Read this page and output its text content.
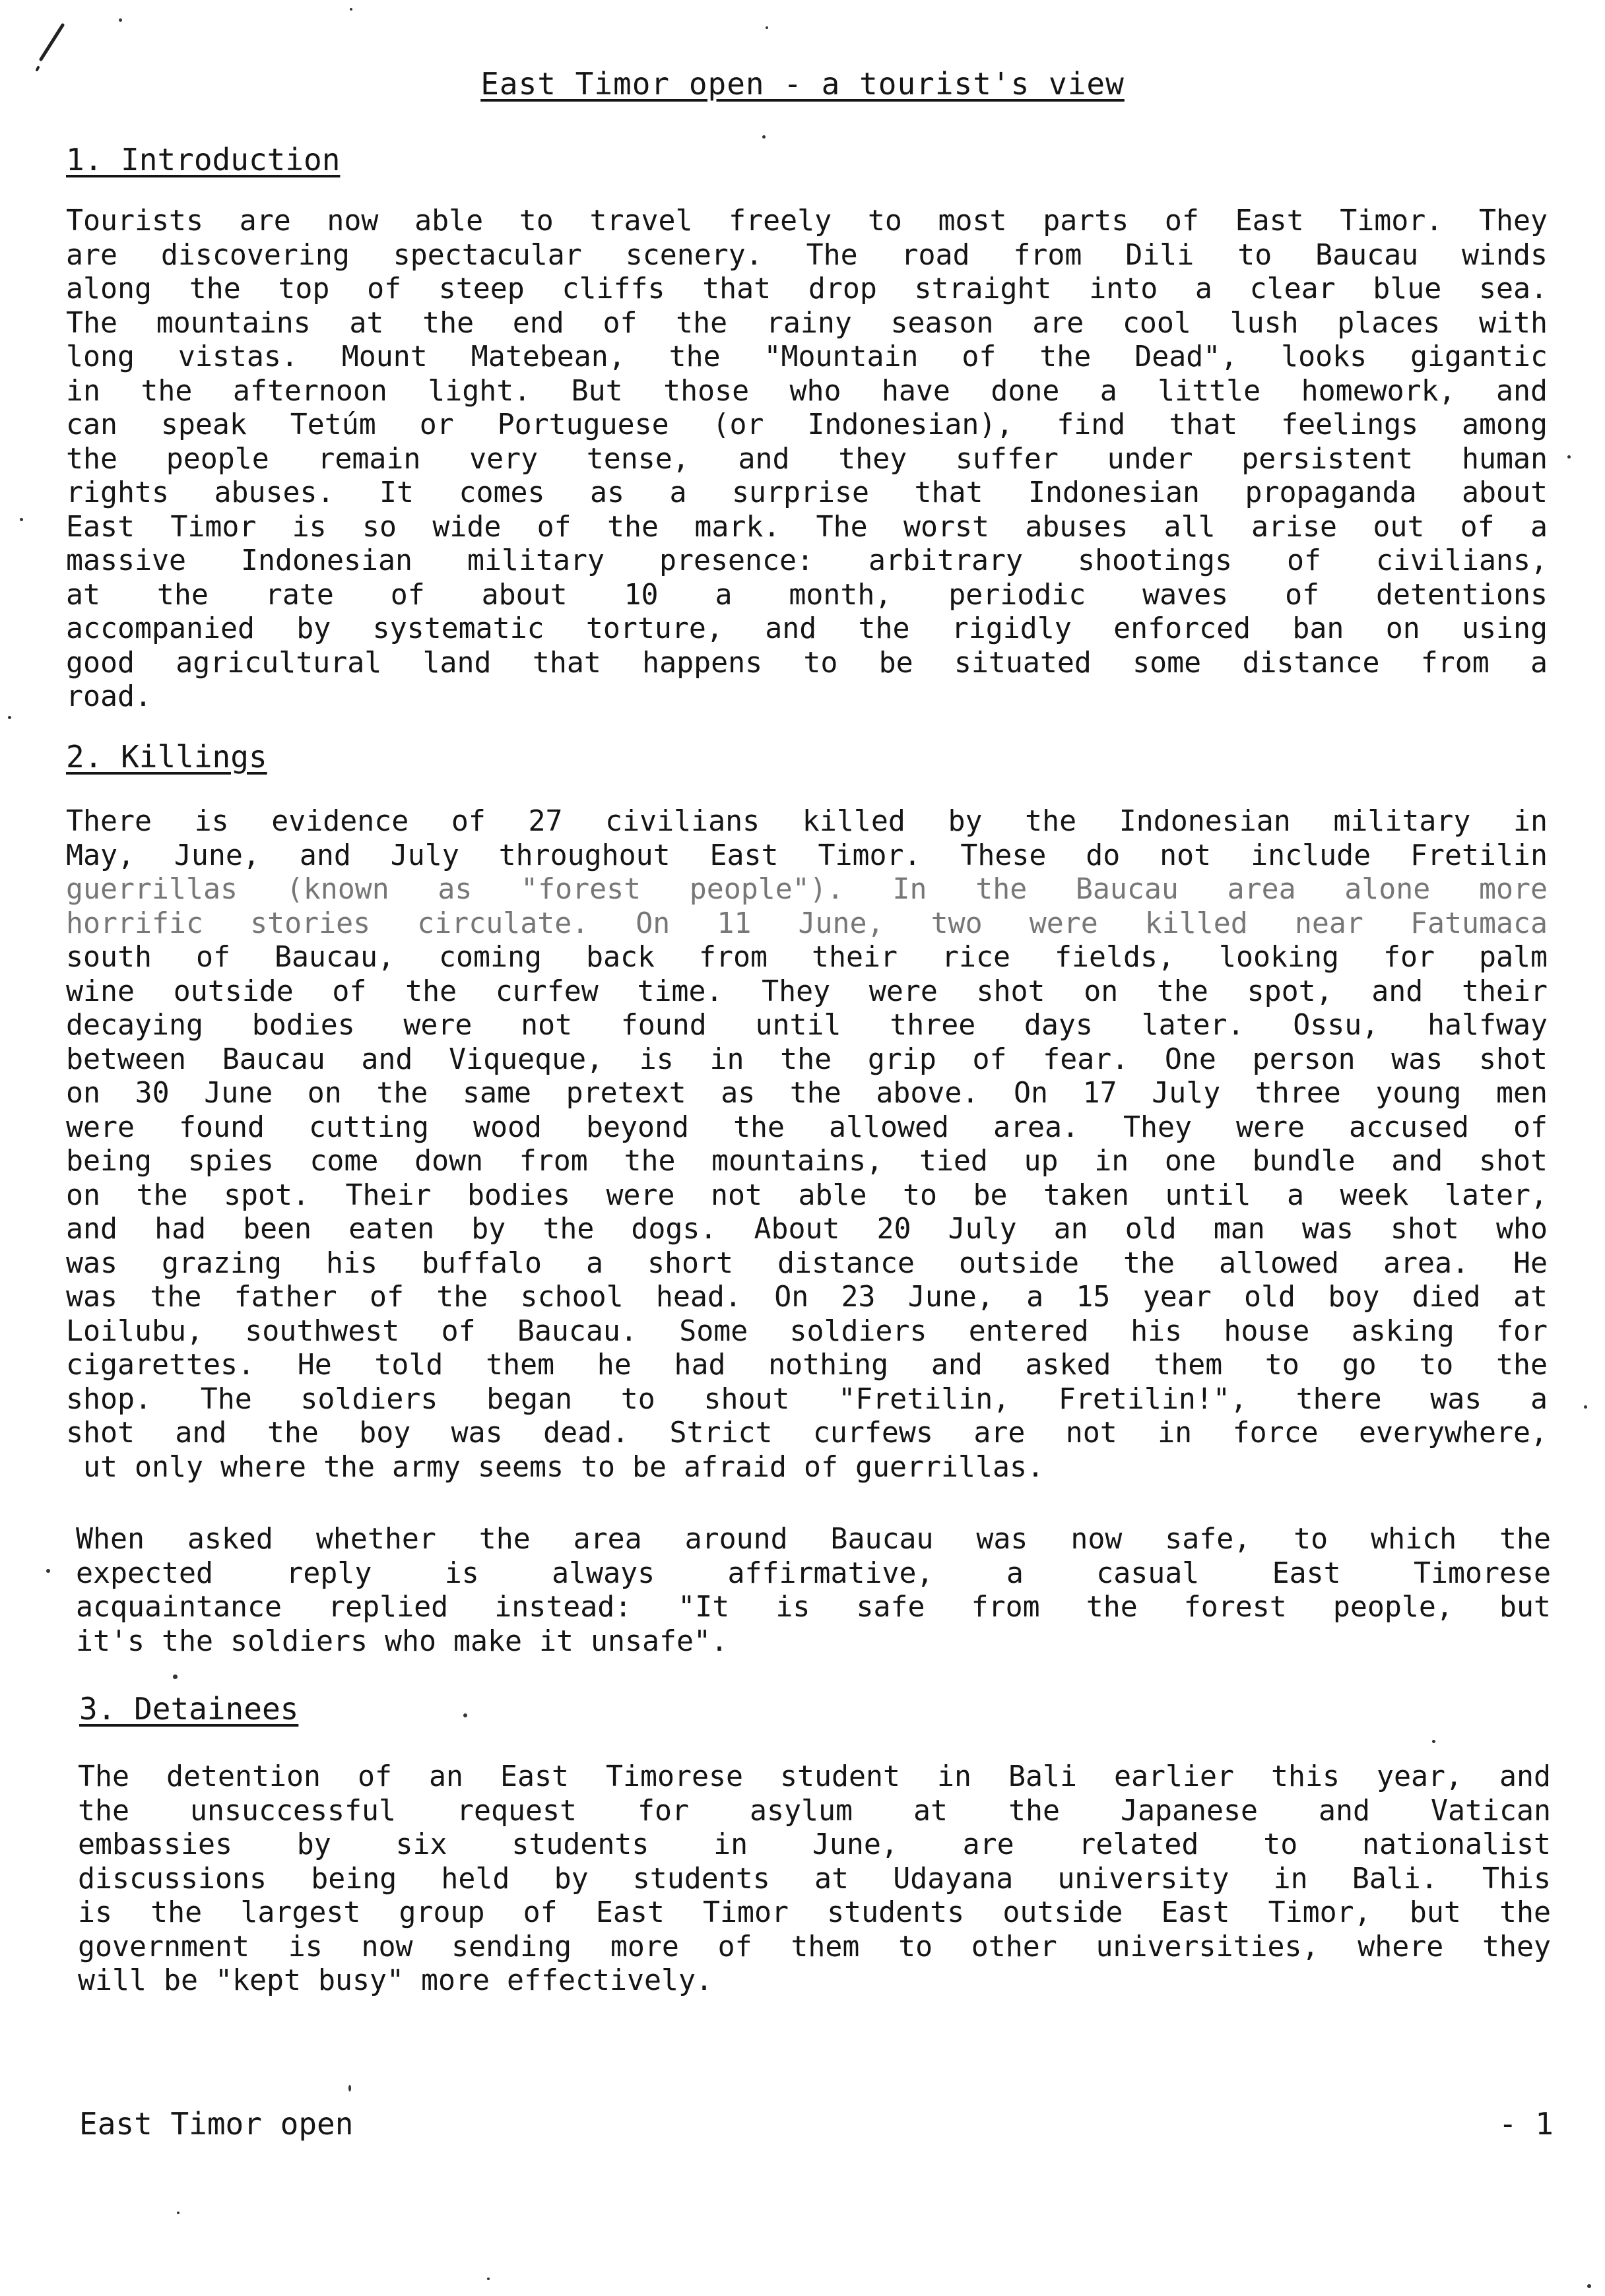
East Timor open - a tourist's view
1. Introduction
Tourists are now able to travel freely to most parts of East Timor. They
are discovering spectacular scenery. The road from Dili to Baucau winds
along the top of steep cliffs that drop straight into a clear blue sea.
The mountains at the end of the rainy season are cool lush places with
long vistas. Mount Matebean, the "Mountain of the Dead", looks gigantic
in the afternoon light. But those who have done a little homework, and
can speak Tetúm or Portuguese (or Indonesian), find that feelings among
the people remain very tense, and they suffer under persistent human
rights abuses. It comes as a surprise that Indonesian propaganda about
East Timor is so wide of the mark. The worst abuses all arise out of a
massive Indonesian military presence: arbitrary shootings of civilians,
at the rate of about 10 a month, periodic waves of detentions
accompanied by systematic torture, and the rigidly enforced ban on using
good agricultural land that happens to be situated some distance from a
road.
2. Killings
There is evidence of 27 civilians killed by the Indonesian military in
May, June, and July throughout East Timor. These do not include Fretilin
guerrillas (known as "forest people"). In the Baucau area alone more
horrific stories circulate. On 11 June, two were killed near Fatumaca
south of Baucau, coming back from their rice fields, looking for palm
wine outside of the curfew time. They were shot on the spot, and their
decaying bodies were not found until three days later. Ossu, halfway
between Baucau and Viqueque, is in the grip of fear. One person was shot
on 30 June on the same pretext as the above. On 17 July three young men
were found cutting wood beyond the allowed area. They were accused of
being spies come down from the mountains, tied up in one bundle and shot
on the spot. Their bodies were not able to be taken until a week later,
and had been eaten by the dogs. About 20 July an old man was shot who
was grazing his buffalo a short distance outside the allowed area. He
was the father of the school head. On 23 June, a 15 year old boy died at
Loilubu, southwest of Baucau. Some soldiers entered his house asking for
cigarettes. He told them he had nothing and asked them to go to the
shop. The soldiers began to shout "Fretilin, Fretilin!", there was a
shot and the boy was dead. Strict curfews are not in force everywhere,
ut only where the army seems to be afraid of guerrillas.
When asked whether the area around Baucau was now safe, to which the
expected reply is always affirmative, a casual East Timorese
acquaintance replied instead: "It is safe from the forest people, but
it's the soldiers who make it unsafe".
3. Detainees
The detention of an East Timorese student in Bali earlier this year, and
the unsuccessful request for asylum at the Japanese and Vatican
embassies by six students in June, are related to nationalist
discussions being held by students at Udayana university in Bali. This
is the largest group of East Timor students outside East Timor, but the
government is now sending more of them to other universities, where they
will be "kept busy" more effectively.
East Timor open	- 1
